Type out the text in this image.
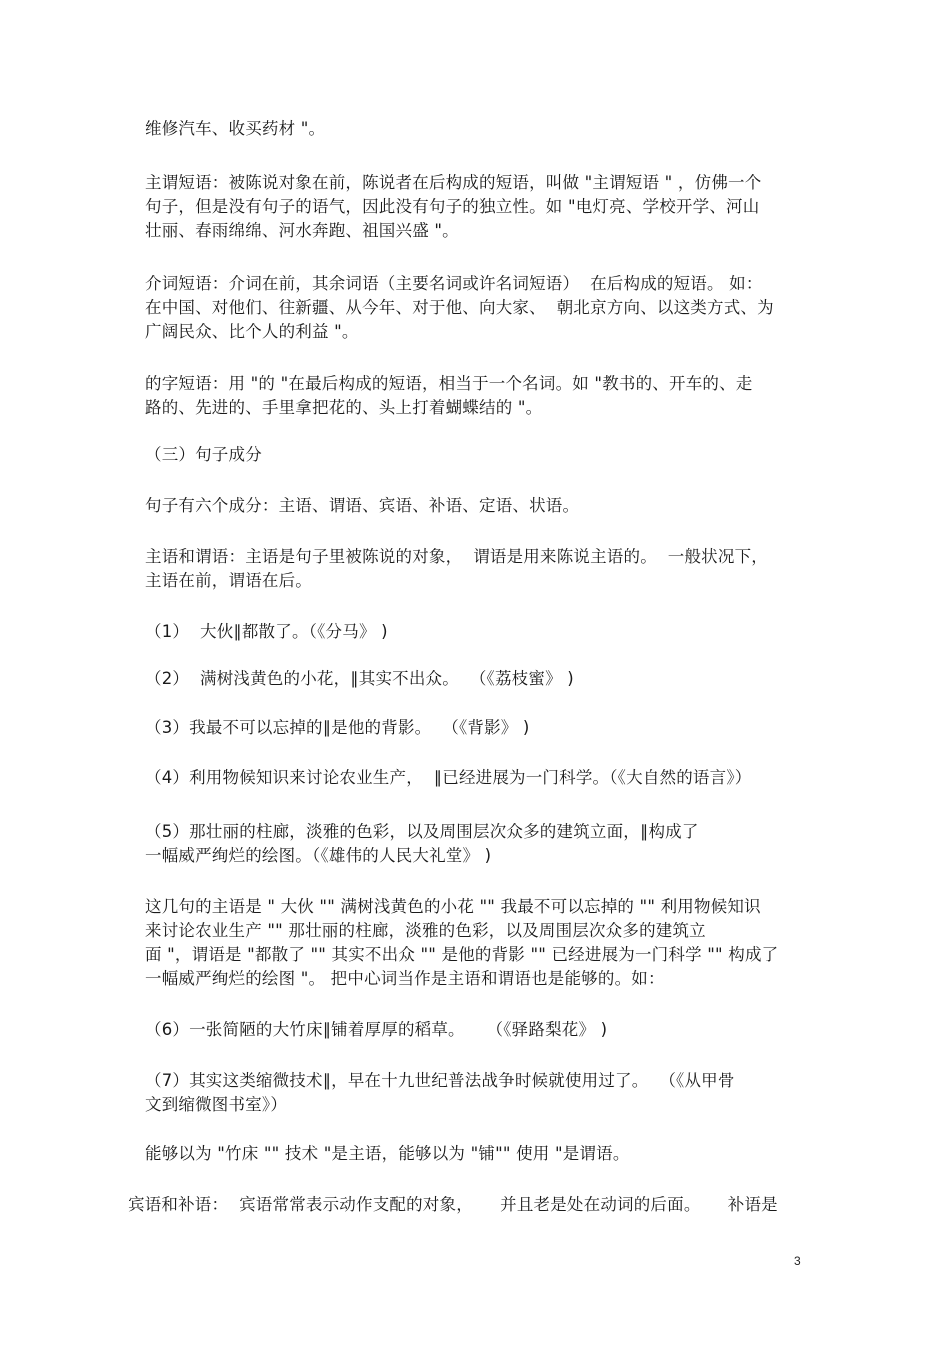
维修汽车、收买药材 "。
主谓短语：被陈说对象在前，陈说者在后构成的短语，叫做 "主谓短语 " ，仿佛一个
句子，但是没有句子的语气，因此没有句子的独立性。如 "电灯亮、学校开学、河山
壮丽、春雨绵绵、河水奔跑、祖国兴盛 "。
介词短语：介词在前，其余词语（主要名词或许名词短语）  在后构成的短语。 如：
在中国、对他们、往新疆、从今年、对于他、向大家、  朝北京方向、以这类方式、为
广阔民众、比个人的利益 "。
的字短语：用 "的 "在最后构成的短语，相当于一个名词。如 "教书的、开车的、走
路的、先进的、手里拿把花的、头上打着蝴蝶结的 "。
（三）句子成分
句子有六个成分：主语、谓语、宾语、补语、定语、状语。
主语和谓语：主语是句子里被陈说的对象，  谓语是用来陈说主语的。  一般状况下，
主语在前，谓语在后。
（1）  大伙∥都散了。（《分马》 )
（2）  满树浅黄色的小花，∥其实不出众。  （《荔枝蜜》 )
（3）我最不可以忘掉的∥是他的背影。  （《背影》 )
（4）利用物候知识来讨论农业生产，  ∥已经进展为一门科学。（《大自然的语言》）
（5）那壮丽的柱廊，淡雅的色彩，以及周围层次众多的建筑立面，∥构成了
一幅威严绚烂的绘图。（《雄伟的人民大礼堂》 )
这几句的主语是 " 大伙 "" 满树浅黄色的小花 "" 我最不可以忘掉的 "" 利用物候知识
来讨论农业生产 "" 那壮丽的柱廊，淡雅的色彩，以及周围层次众多的建筑立
面 "，谓语是 "都散了 "" 其实不出众 "" 是他的背影 "" 已经进展为一门科学 "" 构成了
一幅威严绚烂的绘图 "。 把中心词当作是主语和谓语也是能够的。如：
（6）一张简陋的大竹床∥铺着厚厚的稻草。    （《驿路梨花》 )
（7）其实这类缩微技术∥，早在十九世纪普法战争时候就使用过了。  （《从甲骨
文到缩微图书室》）
能够以为 "竹床 "" 技术 "是主语，能够以为 "铺"" 使用 "是谓语。
宾语和补语：  宾语常常表示动作支配的对象，     并且老是处在动词的后面。     补语是
3
